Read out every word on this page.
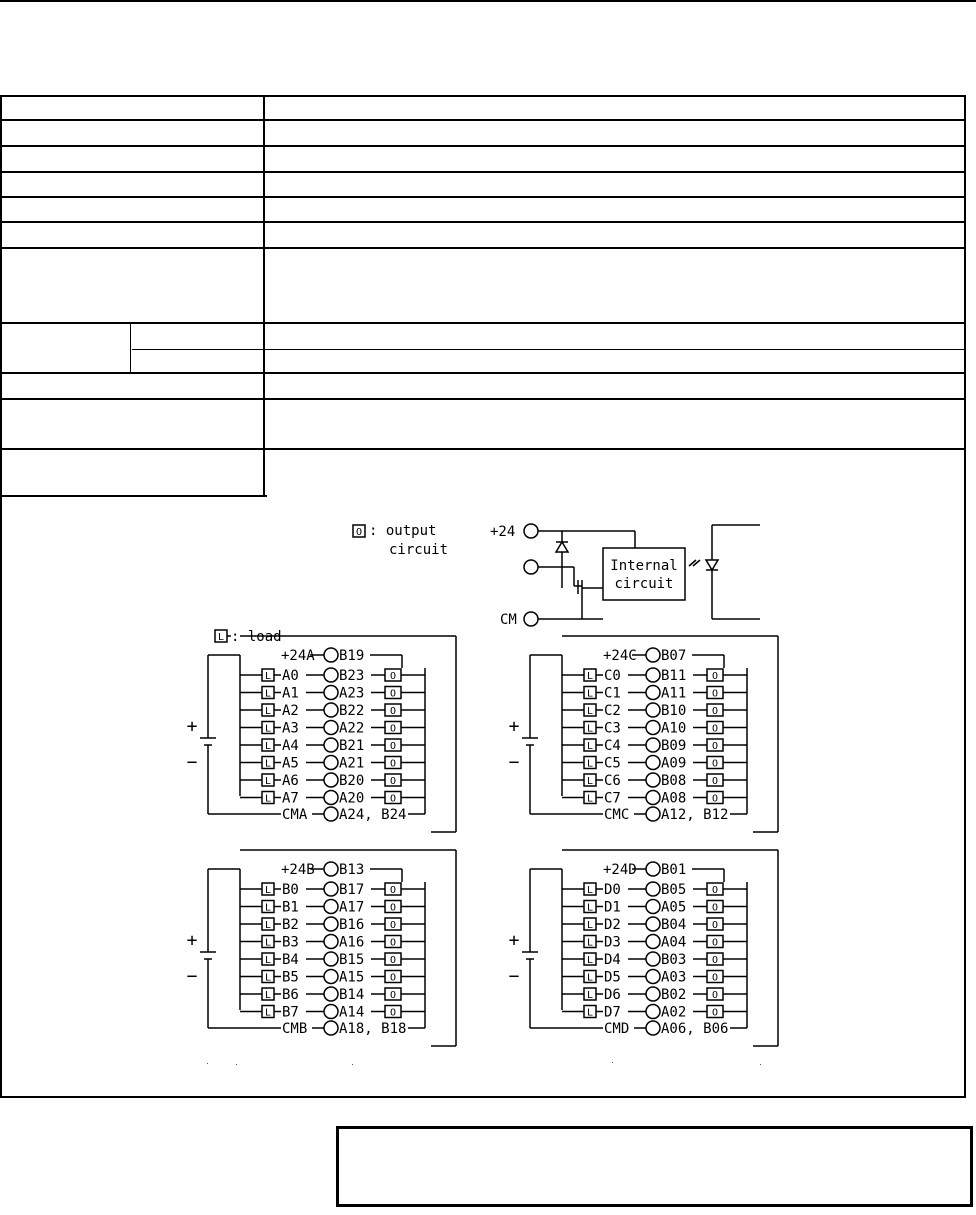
O : output
circuit
L : load
+24
Internal
circuit
CM
+24A B19
+
−
L A0	B23	O
L A1	A23	O
L A2	B22	O
L A3	A22	O
L A4	B21	O
L A5	A21	O
L A6	B20	O
L A7	A20	O
CMA A24, B24
+24C B07
+
−
L C0	B11	O
L C1	A11	O
L C2	B10	O
L C3	A10	O
L C4	B09	O
L C5	A09	O
L C6	B08	O
L C7	A08	O
CMC A12, B12
+24B B13
+
−
L B0	B17	O
L B1	A17	O
L B2	B16	O
L B3	A16	O
L B4	B15	O
L B5	A15	O
L B6	B14	O
L B7	A14	O
CMB A18, B18
+24D B01
+
−
L D0	B05	O
L D1	A05	O
L D2	B04	O
L D3	A04	O
L D4	B03	O
L D5	A03	O
L D6	B02	O
L D7	A02	O
CMD A06, B06
